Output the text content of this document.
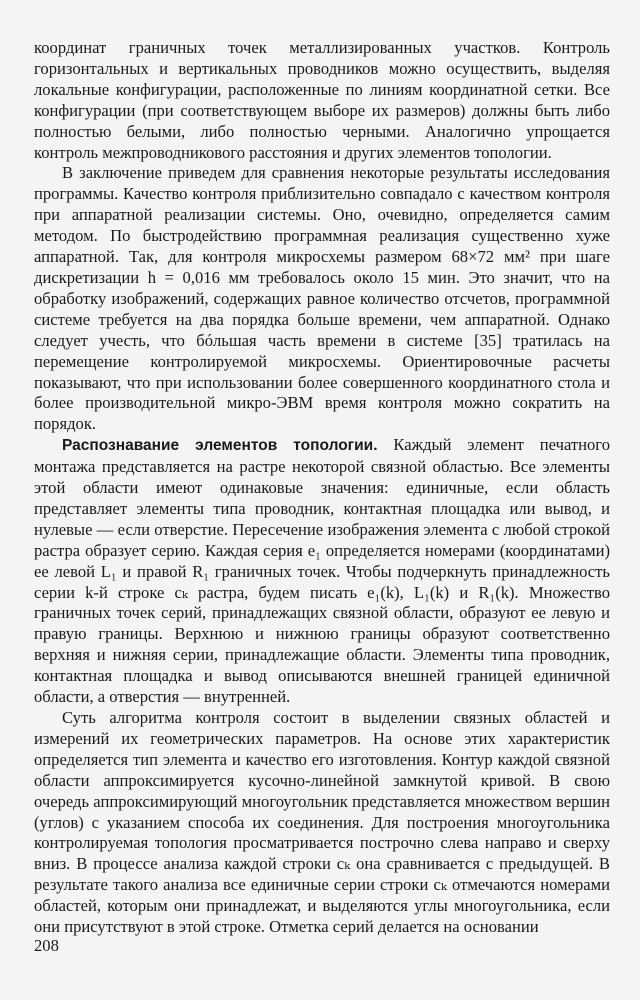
координат граничных точек металлизированных участков. Контроль горизонтальных и вертикальных проводников можно осуществить, выделяя локальные конфигурации, расположенные по линиям координатной сетки. Все конфигурации (при соответствующем выборе их размеров) должны быть либо полностью белыми, либо полностью черными. Аналогично упрощается контроль межпроводникового расстояния и других элементов топологии.

В заключение приведем для сравнения некоторые результаты исследования программы. Качество контроля приблизительно совпадало с качеством контроля при аппаратной реализации системы. Оно, очевидно, определяется самим методом. По быстродействию программная реализация существенно хуже аппаратной. Так, для контроля микросхемы размером 68×72 мм² при шаге дискретизации h = 0,016 мм требовалось около 15 мин. Это значит, что на обработку изображений, содержащих равное количество отсчетов, программной системе требуется на два порядка больше времени, чем аппаратной. Однако следует учесть, что бóльшая часть времени в системе [35] тратилась на перемещение контролируемой микросхемы. Ориентировочные расчеты показывают, что при использовании более совершенного координатного стола и более производительной микро-ЭВМ время контроля можно сократить на порядок.

Распознавание элементов топологии. Каждый элемент печатного монтажа представляется на растре некоторой связной областью. Все элементы этой области имеют одинаковые значения: единичные, если область представляет элементы типа проводник, контактная площадка или вывод, и нулевые — если отверстие. Пересечение изображения элемента с любой строкой растра образует серию. Каждая серия e₁ определяется номерами (координатами) ее левой L₁ и правой R₁ граничных точек. Чтобы подчеркнуть принадлежность серии k-й строке cₖ растра, будем писать e₁(k), L₁(k) и R₁(k). Множество граничных точек серий, принадлежащих связной области, образуют ее левую и правую границы. Верхнюю и нижнюю границы образуют соответственно верхняя и нижняя серии, принадлежащие области. Элементы типа проводник, контактная площадка и вывод описываются внешней границей единичной области, а отверстия — внутренней.

Суть алгоритма контроля состоит в выделении связных областей и измерений их геометрических параметров. На основе этих характеристик определяется тип элемента и качество его изготовления. Контур каждой связной области аппроксимируется кусочно-линейной замкнутой кривой. В свою очередь аппроксимирующий многоугольник представляется множеством вершин (углов) с указанием способа их соединения. Для построения многоугольника контролируемая топология просматривается построчно слева направо и сверху вниз. В процессе анализа каждой строки cₖ она сравнивается с предыдущей. В результате такого анализа все единичные серии строки cₖ отмечаются номерами областей, которым они принадлежат, и выделяются углы многоугольника, если они присутствуют в этой строке. Отметка серий делается на основании

208
